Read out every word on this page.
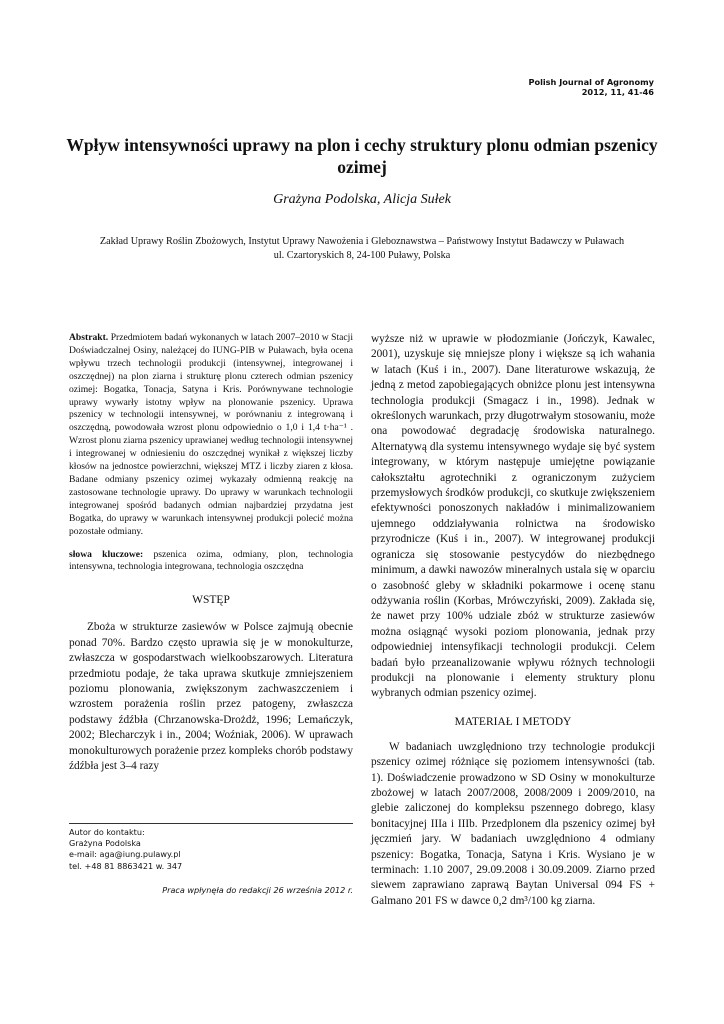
Polish Journal of Agronomy
2012, 11, 41-46
Wpływ intensywności uprawy na plon i cechy struktury plonu odmian pszenicy ozimej
Grażyna Podolska, Alicja Sułek
Zakład Uprawy Roślin Zbożowych, Instytut Uprawy Nawożenia i Gleboznawstwa – Państwowy Instytut Badawczy w Puławach
ul. Czartoryskich 8, 24-100 Puławy, Polska

Abstrakt. Przedmiotem badań wykonanych w latach 2007–2010 w Stacji Doświadczalnej Osiny, należącej do IUNG-PIB w Puławach, była ocena wpływu trzech technologii produkcji (intensywnej, integrowanej i oszczędnej) na plon ziarna i strukturę plonu czterech odmian pszenicy ozimej: Bogatka, Tonacja, Satyna i Kris. Porównywane technologie uprawy wywarły istotny wpływ na plonowanie pszenicy. Uprawa pszenicy w technologii intensywnej, w porównaniu z integrowaną i oszczędną, powodowała wzrost plonu odpowiednio o 1,0 i 1,4 t·ha⁻¹ . Wzrost plonu ziarna pszenicy uprawianej według technologii intensywnej i integrowanej w odniesieniu do oszczędnej wynikał z większej liczby kłosów na jednostce powierzchni, większej MTZ i liczby ziaren z kłosa. Badane odmiany pszenicy ozimej wykazały odmienną reakcję na zastosowane technologie uprawy. Do uprawy w warunkach technologii integrowanej spośród badanych odmian najbardziej przydatna jest Bogatka, do uprawy w warunkach intensywnej produkcji polecić można pozostałe odmiany.

słowa kluczowe: pszenica ozima, odmiany, plon, technologia intensywna, technologia integrowana, technologia oszczędna

WSTĘP

Zboża w strukturze zasiewów w Polsce zajmują obecnie ponad 70%. Bardzo często uprawia się je w monokulturze, zwłaszcza w gospodarstwach wielkoobszarowych. Literatura przedmiotu podaje, że taka uprawa skutkuje zmniejszeniem poziomu plonowania, zwiększonym zachwaszczeniem i wzrostem porażenia roślin przez patogeny, zwłaszcza podstawy źdźbła (Chrzanowska-Drożdż, 1996; Lemańczyk, 2002; Blecharczyk i in., 2004; Woźniak, 2006). W uprawach monokulturowych porażenie przez kompleks chorób podstawy źdźbła jest 3–4 razy

Autor do kontaktu:
Grażyna Podolska
e-mail: aga@iung.pulawy.pl
tel. +48 81 8863421 w. 347
Praca wpłynęła do redakcji 26 września 2012 r.

wyższe niż w uprawie w płodozmianie (Jończyk, Kawalec, 2001), uzyskuje się mniejsze plony i większe są ich wahania w latach (Kuś i in., 2007). Dane literaturowe wskazują, że jedną z metod zapobiegających obniżce plonu jest intensywna technologia produkcji (Smagacz i in., 1998). Jednak w określonych warunkach, przy długotrwałym stosowaniu, może ona powodować degradację środowiska naturalnego. Alternatywą dla systemu intensywnego wydaje się być system integrowany, w którym następuje umiejętne powiązanie całokształtu agrotechniki z ograniczonym zużyciem przemysłowych środków produkcji, co skutkuje zwiększeniem efektywności ponoszonych nakładów i minimalizowaniem ujemnego oddziaływania rolnictwa na środowisko przyrodnicze (Kuś i in., 2007). W integrowanej produkcji ogranicza się stosowanie pestycydów do niezbędnego minimum, a dawki nawozów mineralnych ustala się w oparciu o zasobność gleby w składniki pokarmowe i ocenę stanu odżywania roślin (Korbas, Mrówczyński, 2009). Zakłada się, że nawet przy 100% udziale zbóż w strukturze zasiewów można osiągnąć wysoki poziom plonowania, jednak przy odpowiedniej intensyfikacji technologii produkcji. Celem badań było przeanalizowanie wpływu różnych technologii produkcji na plonowanie i elementy struktury plonu wybranych odmian pszenicy ozimej.

MATERIAŁ I METODY

W badaniach uwzględniono trzy technologie produkcji pszenicy ozimej różniące się poziomem intensywności (tab. 1). Doświadczenie prowadzono w SD Osiny w monokulturze zbożowej w latach 2007/2008, 2008/2009 i 2009/2010, na glebie zaliczonej do kompleksu pszennego dobrego, klasy bonitacyjnej IIIa i IIIb. Przedplonem dla pszenicy ozimej był jęczmień jary. W badaniach uwzględniono 4 odmiany pszenicy: Bogatka, Tonacja, Satyna i Kris. Wysiano je w terminach: 1.10 2007, 29.09.2008 i 30.09.2009. Ziarno przed siewem zaprawiano zaprawą Baytan Universal 094 FS + Galmano 201 FS w dawce 0,2 dm³/100 kg ziarna.
